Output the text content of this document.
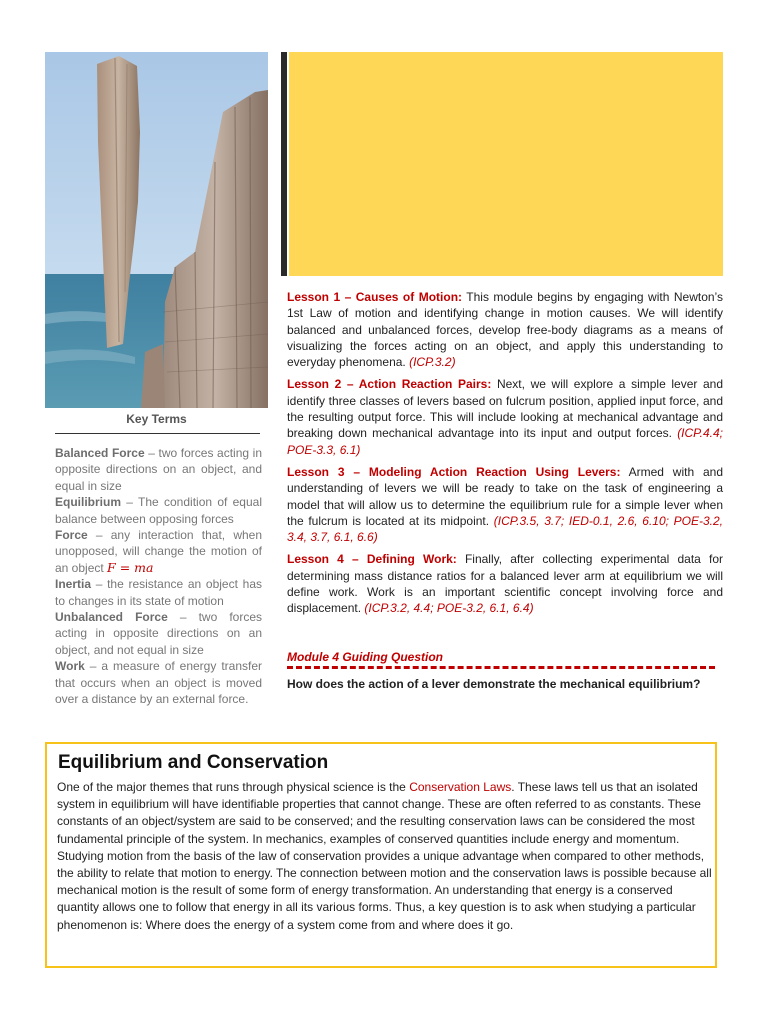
Key Terms

Balanced Force – two forces acting in opposite directions on an object, and equal in size

Equilibrium – The condition of equal balance between opposing forces

Force – any interaction that, when unopposed, will change the motion of an object F = ma

Inertia – the resistance an object has to changes in its state of motion

Unbalanced Force – two forces acting in opposite directions on an object, and not equal in size

Work – a measure of energy transfer that occurs when an object is moved over a distance by an external force.

Lesson 1 – Causes of Motion: This module begins by engaging with Newton’s 1st Law of motion and identifying change in motion causes. We will identify balanced and unbalanced forces, develop free-body diagrams as a means of visualizing the forces acting on an object, and apply this understanding to everyday phenomena. (ICP.3.2)

Lesson 2 – Action Reaction Pairs: Next, we will explore a simple lever and identify three classes of levers based on fulcrum position, applied input force, and the resulting output force. This will include looking at mechanical advantage and breaking down mechanical advantage into its input and output forces. (ICP.4.4; POE-3.3, 6.1)

Lesson 3 – Modeling Action Reaction Using Levers: Armed with and understanding of levers we will be ready to take on the task of engineering a model that will allow us to determine the equilibrium rule for a simple lever when the fulcrum is located at its midpoint. (ICP.3.5, 3.7; IED-0.1, 2.6, 6.10; POE-3.2, 3.4, 3.7, 6.1, 6.6)

Lesson 4 – Defining Work: Finally, after collecting experimental data for determining mass distance ratios for a balanced lever arm at equilibrium we will define work. Work is an important scientific concept involving force and displacement. (ICP.3.2, 4.4; POE-3.2, 6.1, 6.4)

Module 4 Guiding Question
How does the action of a lever demonstrate the mechanical equilibrium?
Equilibrium and Conservation
One of the major themes that runs through physical science is the Conservation Laws. These laws tell us that an isolated system in equilibrium will have identifiable properties that cannot change. These are often referred to as constants. These constants of an object/system are said to be conserved; and the resulting conservation laws can be considered the most fundamental principle of the system. In mechanics, examples of conserved quantities include energy and momentum. Studying motion from the basis of the law of conservation provides a unique advantage when compared to other methods, the ability to relate that motion to energy. The connection between motion and the conservation laws is possible because all mechanical motion is the result of some form of energy transformation. An understanding that energy is a conserved quantity allows one to follow that energy in all its various forms. Thus, a key question is to ask when studying a particular phenomenon is: Where does the energy of a system come from and where does it go.
